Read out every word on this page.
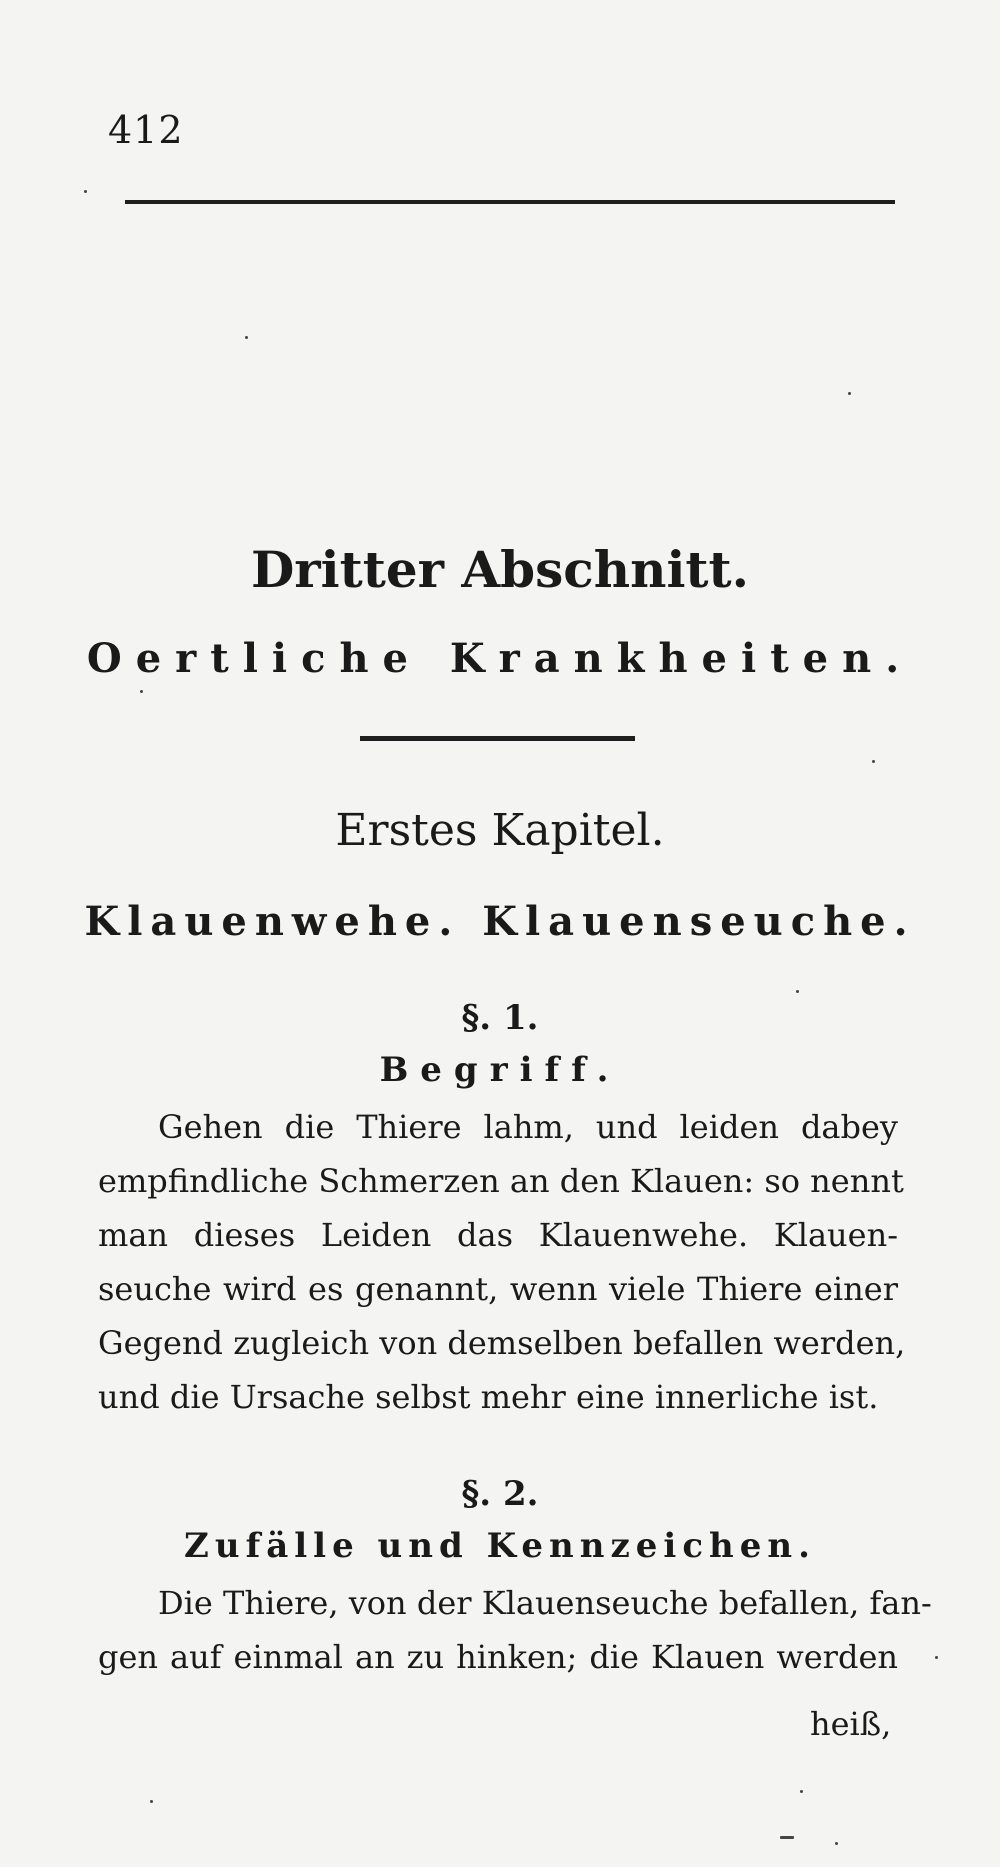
412
Dritter Abschnitt.
Oertliche Krankheiten.
Erstes Kapitel.
Klauenwehe. Klauenseuche.
§. 1.
Begriff.
Gehen die Thiere lahm, und leiden dabey
empfindliche Schmerzen an den Klauen: so nennt
man dieses Leiden das Klauenwehe. Klauen-
seuche wird es genannt, wenn viele Thiere einer
Gegend zugleich von demselben befallen werden,
und die Ursache selbst mehr eine innerliche ist.
§. 2.
Zufälle und Kennzeichen.
Die Thiere, von der Klauenseuche befallen, fan-
gen auf einmal an zu hinken; die Klauen werden
heiß,
